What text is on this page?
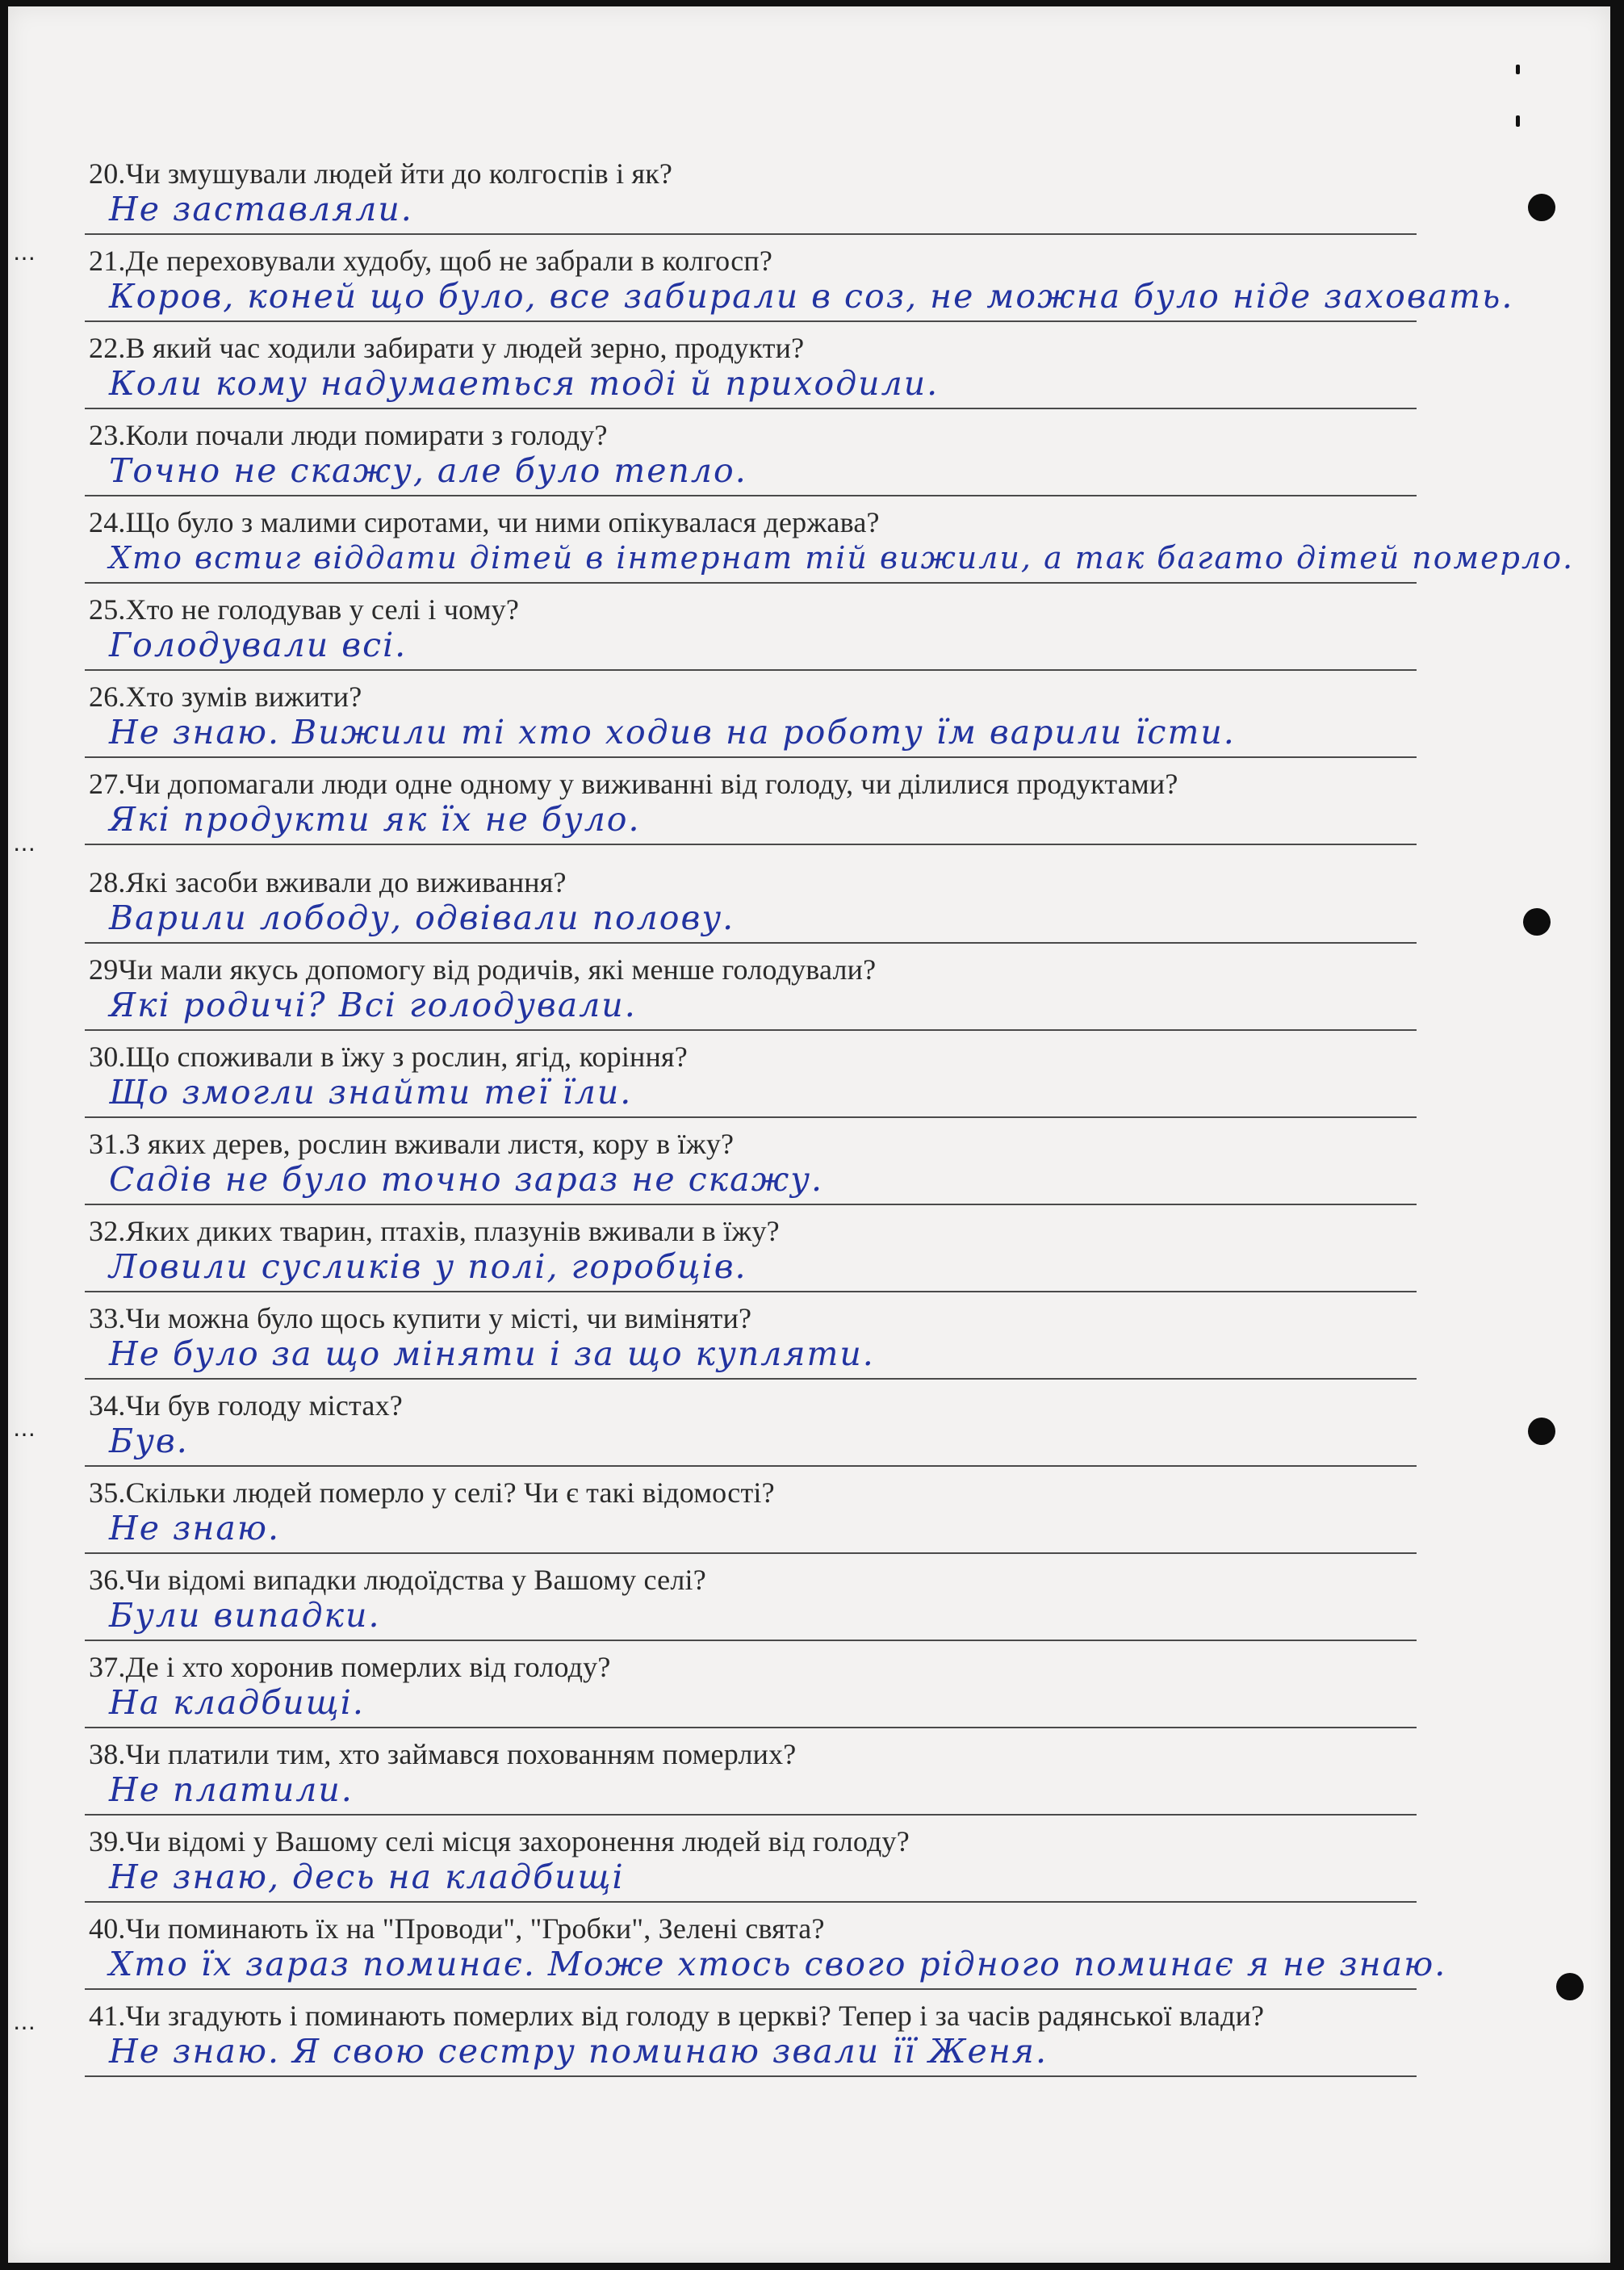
…
…
…
…
20.Чи змушували людей йти до колгоспів і як?
Не заставляли.
21.Де переховували худобу, щоб не забрали в колгосп?
Коров, коней що було, все забирали в соз, не можна було ніде заховать.
22.В який час ходили забирати у людей зерно, продукти?
Коли кому надумаеться тоді й приходили.
23.Коли почали люди помирати з голоду?
Точно не скажу, але було тепло.
24.Що було з малими сиротами, чи ними опікувалася держава?
Хто встиг віддати дітей в інтернат тій вижили, а так багато дітей померло.
25.Хто не голодував у селі і чому?
Голодували всі.
26.Хто зумів вижити?
Не знаю. Вижили ті хто ходив на роботу їм варили їсти.
27.Чи допомагали люди одне одному у виживанні від голоду, чи ділилися продуктами?
Які продукти як їх не було.
28.Які засоби вживали до виживання?
Варили лободу, одвівали полову.
29Чи мали якусь допомогу від родичів, які менше голодували?
Які родичі? Всі голодували.
30.Що споживали в їжу з рослин, ягід, коріння?
Що змогли знайти теї їли.
31.З яких дерев, рослин вживали листя, кору в їжу?
Садів не було точно зараз не скажу.
32.Яких диких тварин, птахів, плазунів вживали в їжу?
Ловили сусликів у полі, горобців.
33.Чи можна було щось купити у місті, чи виміняти?
Не було за що міняти і за що купляти.
34.Чи був голоду містах?
Був.
35.Скільки людей померло у селі? Чи є такі відомості?
Не знаю.
36.Чи відомі випадки людоїдства у Вашому селі?
Були випадки.
37.Де і хто хоронив померлих від голоду?
На кладбищі.
38.Чи платили тим, хто займався похованням померлих?
Не платили.
39.Чи відомі у Вашому селі місця захоронення людей від голоду?
Не знаю, десь на кладбищі
40.Чи поминають їх на "Проводи", "Гробки", Зелені свята?
Хто їх зараз поминає. Може хтось свого рідного поминає я не знаю.
41.Чи згадують і поминають померлих від голоду в церкві? Тепер і за часів радянської влади?
Не знаю. Я свою сестру поминаю звали її Женя.
